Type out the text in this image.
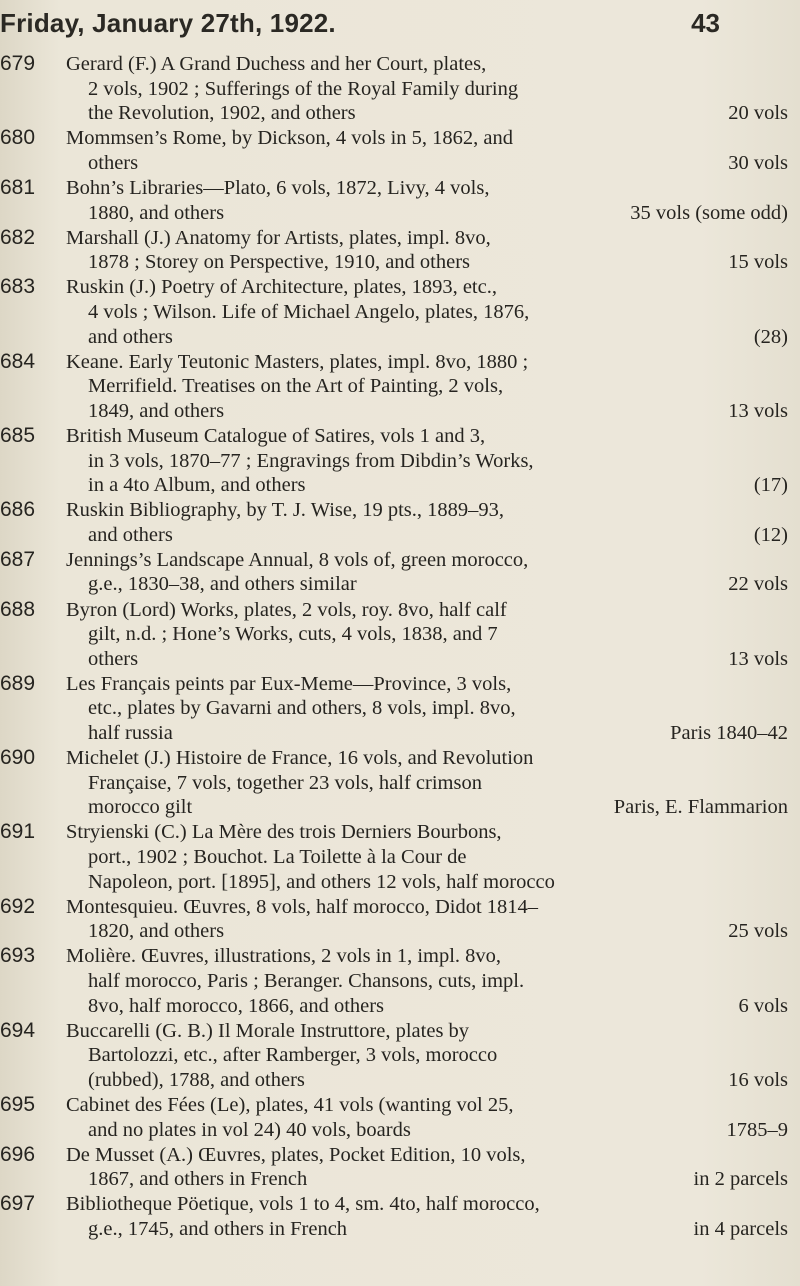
Friday, January 27th, 1922.	43
679	Gerard (F.) A Grand Duchess and her Court, plates,
2 vols, 1902 ; Sufferings of the Royal Family during
the Revolution, 1902, and others	20 vols
680	Mommsen’s Rome, by Dickson, 4 vols in 5, 1862, and
others	30 vols
681	Bohn’s Libraries—Plato, 6 vols, 1872, Livy, 4 vols,
1880, and others	35 vols (some odd)
682	Marshall (J.) Anatomy for Artists, plates, impl. 8vo,
1878 ; Storey on Perspective, 1910, and others	15 vols
683	Ruskin (J.) Poetry of Architecture, plates, 1893, etc.,
4 vols ; Wilson. Life of Michael Angelo, plates, 1876,
and others	(28)
684	Keane. Early Teutonic Masters, plates, impl. 8vo, 1880 ;
Merrifield. Treatises on the Art of Painting, 2 vols,
1849, and others	13 vols
685	British Museum Catalogue of Satires, vols 1 and 3,
in 3 vols, 1870–77 ; Engravings from Dibdin’s Works,
in a 4to Album, and others	(17)
686	Ruskin Bibliography, by T. J. Wise, 19 pts., 1889–93,
and others	(12)
687	Jennings’s Landscape Annual, 8 vols of, green morocco,
g.e., 1830–38, and others similar	22 vols
688	Byron (Lord) Works, plates, 2 vols, roy. 8vo, half calf
gilt, n.d. ; Hone’s Works, cuts, 4 vols, 1838, and 7
others	13 vols
689	Les Français peints par Eux-Meme—Province, 3 vols,
etc., plates by Gavarni and others, 8 vols, impl. 8vo,
half russia	Paris 1840–42
690	Michelet (J.) Histoire de France, 16 vols, and Revolution
Française, 7 vols, together 23 vols, half crimson
morocco gilt	Paris, E. Flammarion
691	Stryienski (C.) La Mère des trois Derniers Bourbons,
port., 1902 ; Bouchot. La Toilette à la Cour de
Napoleon, port. [1895], and others 12 vols, half morocco
692	Montesquieu. Œuvres, 8 vols, half morocco, Didot 1814–
1820, and others	25 vols
693	Molière. Œuvres, illustrations, 2 vols in 1, impl. 8vo,
half morocco, Paris ; Beranger. Chansons, cuts, impl.
8vo, half morocco, 1866, and others	6 vols
694	Buccarelli (G. B.) Il Morale Instruttore, plates by
Bartolozzi, etc., after Ramberger, 3 vols, morocco
(rubbed), 1788, and others	16 vols
695	Cabinet des Fées (Le), plates, 41 vols (wanting vol 25,
and no plates in vol 24) 40 vols, boards	1785–9
696	De Musset (A.) Œuvres, plates, Pocket Edition, 10 vols,
1867, and others in French	in 2 parcels
697	Bibliotheque Pöetique, vols 1 to 4, sm. 4to, half morocco,
g.e., 1745, and others in French	in 4 parcels
